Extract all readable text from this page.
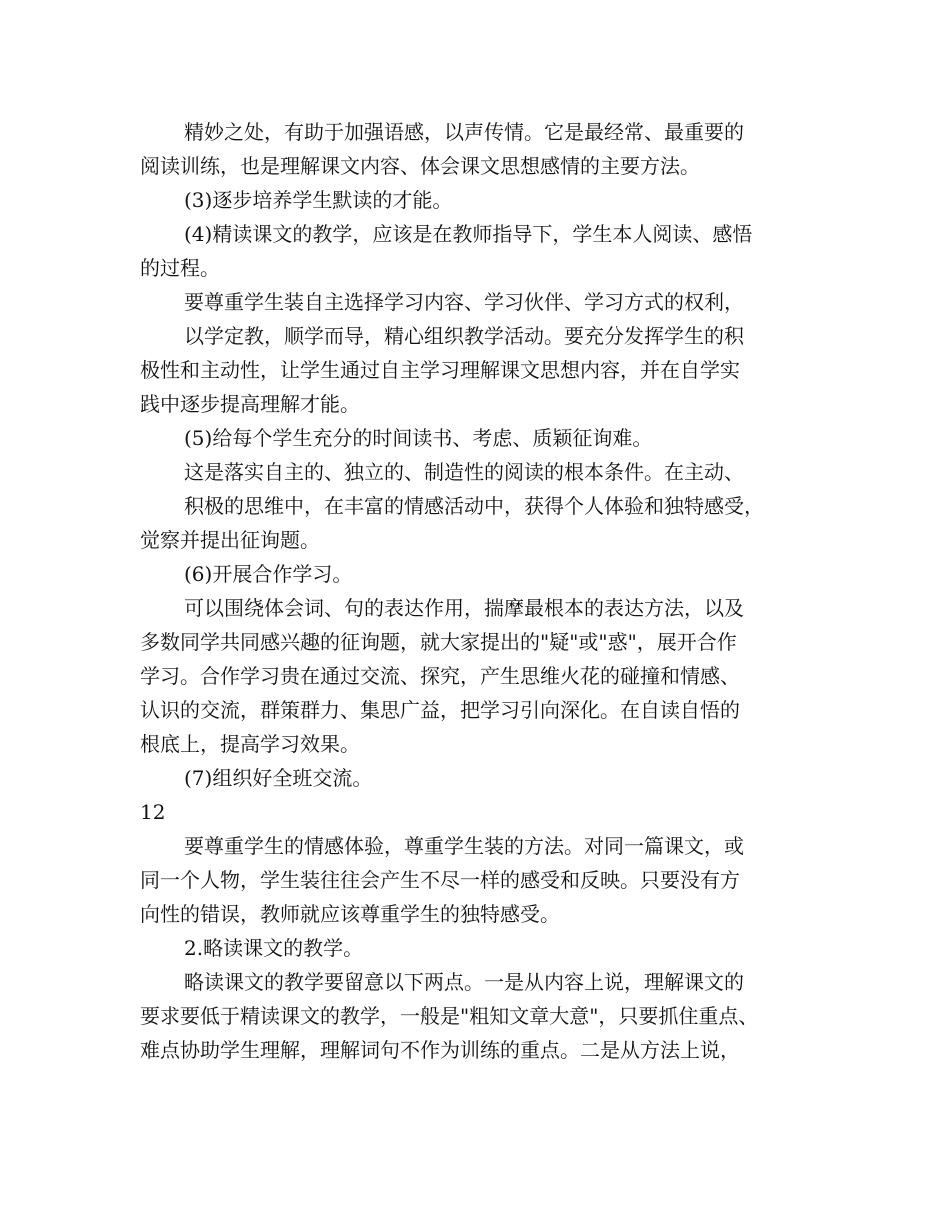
精妙之处，有助于加强语感，以声传情。它是最经常、最重要的
阅读训练，也是理解课文内容、体会课文思想感情的主要方法。
(3)逐步培养学生默读的才能。
(4)精读课文的教学，应该是在教师指导下，学生本人阅读、感悟
的过程。
要尊重学生装自主选择学习内容、学习伙伴、学习方式的权利，
以学定教，顺学而导，精心组织教学活动。要充分发挥学生的积
极性和主动性，让学生通过自主学习理解课文思想内容，并在自学实
践中逐步提高理解才能。
(5)给每个学生充分的时间读书、考虑、质颖征询难。
这是落实自主的、独立的、制造性的阅读的根本条件。在主动、
积极的思维中，在丰富的情感活动中，获得个人体验和独特感受，
觉察并提出征询题。
(6)开展合作学习。
可以围绕体会词、句的表达作用，揣摩最根本的表达方法，以及
多数同学共同感兴趣的征询题，就大家提出的"疑"或"惑"，展开合作
学习。合作学习贵在通过交流、探究，产生思维火花的碰撞和情感、
认识的交流，群策群力、集思广益，把学习引向深化。在自读自悟的
根底上，提高学习效果。
(7)组织好全班交流。
12
要尊重学生的情感体验，尊重学生装的方法。对同一篇课文，或
同一个人物，学生装往往会产生不尽一样的感受和反映。只要没有方
向性的错误，教师就应该尊重学生的独特感受。
2.略读课文的教学。
略读课文的教学要留意以下两点。一是从内容上说，理解课文的
要求要低于精读课文的教学，一般是"粗知文章大意"，只要抓住重点、
难点协助学生理解，理解词句不作为训练的重点。二是从方法上说，
